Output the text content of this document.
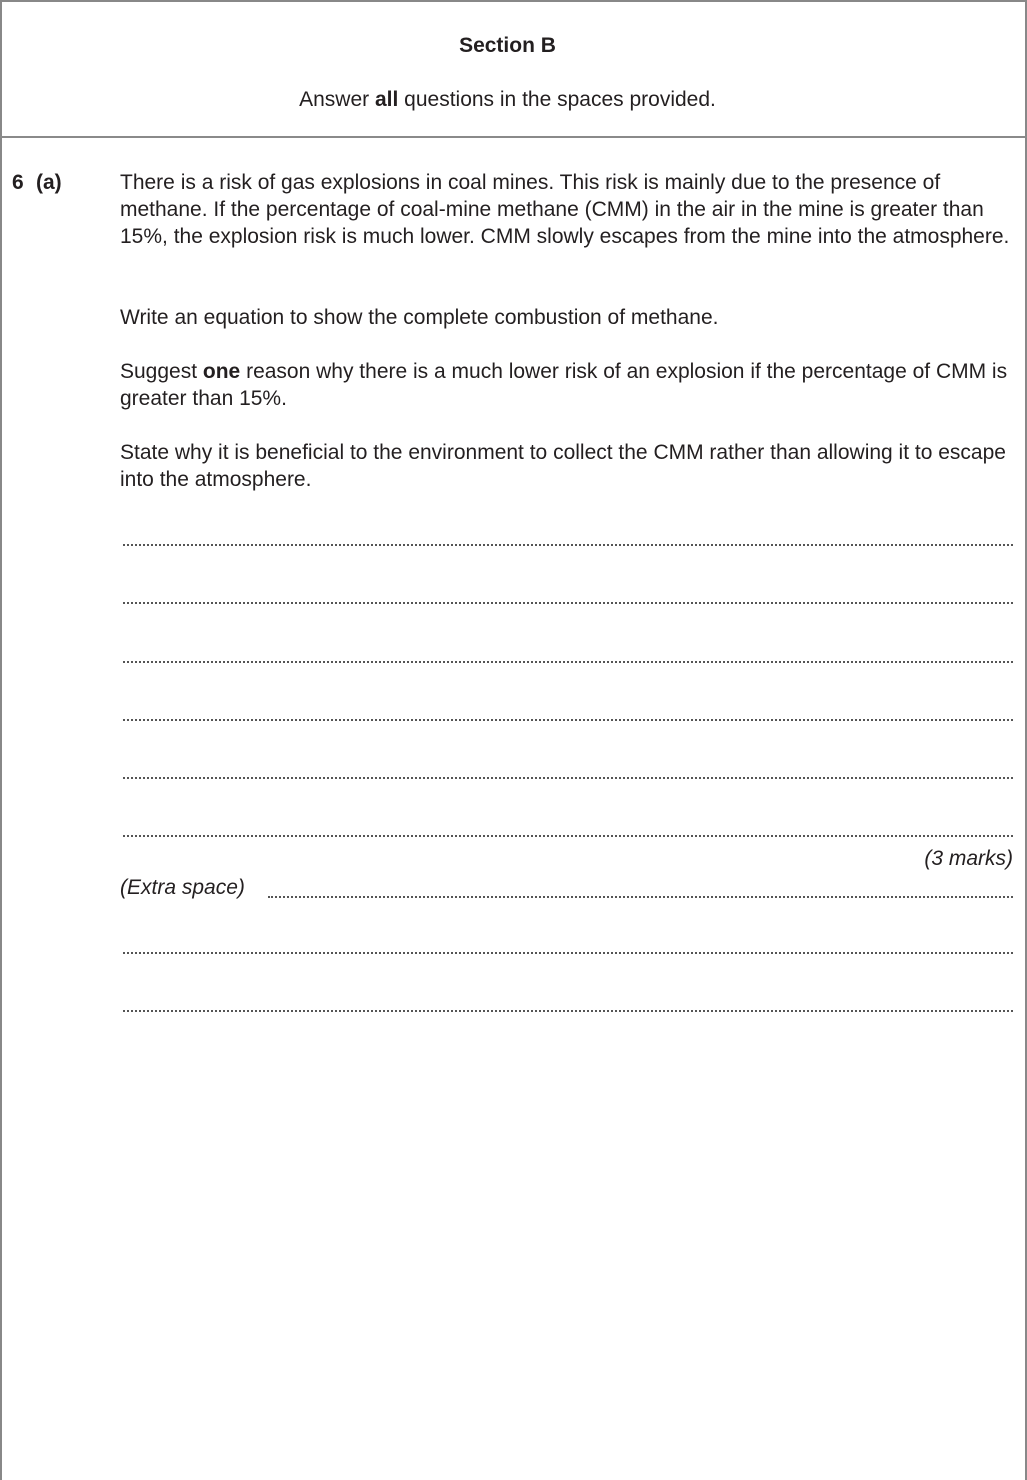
Section B
Answer all questions in the spaces provided.
6 (a)	There is a risk of gas explosions in coal mines. This risk is mainly due to the presence of methane. If the percentage of coal-mine methane (CMM) in the air in the mine is greater than 15%, the explosion risk is much lower. CMM slowly escapes from the mine into the atmosphere.

Write an equation to show the complete combustion of methane.

Suggest one reason why there is a much lower risk of an explosion if the percentage of CMM is greater than 15%.

State why it is beneficial to the environment to collect the CMM rather than allowing it to escape into the atmosphere.

(3 marks)
(Extra space)
